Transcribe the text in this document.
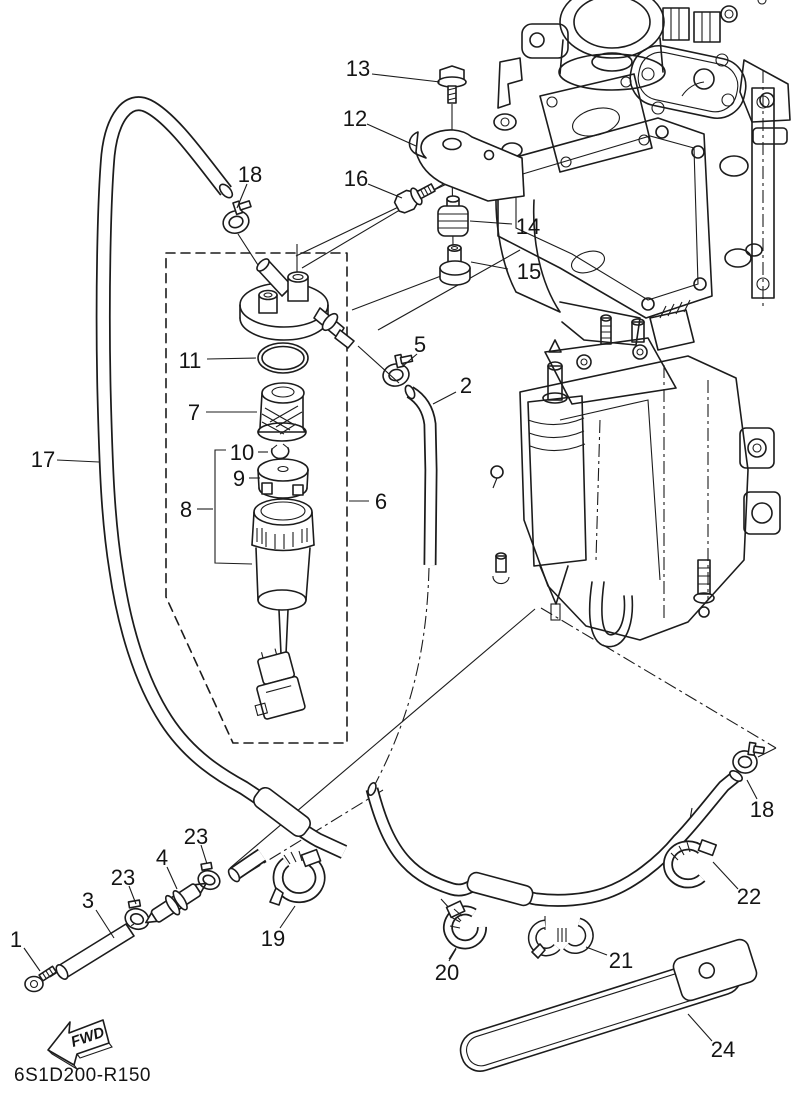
FWD
6S1D200-R150
1
2
3
4
5
6
7
8
9
10
11
12
13
14
15
16
17
18
18
19
20	21
22
23
23
24
